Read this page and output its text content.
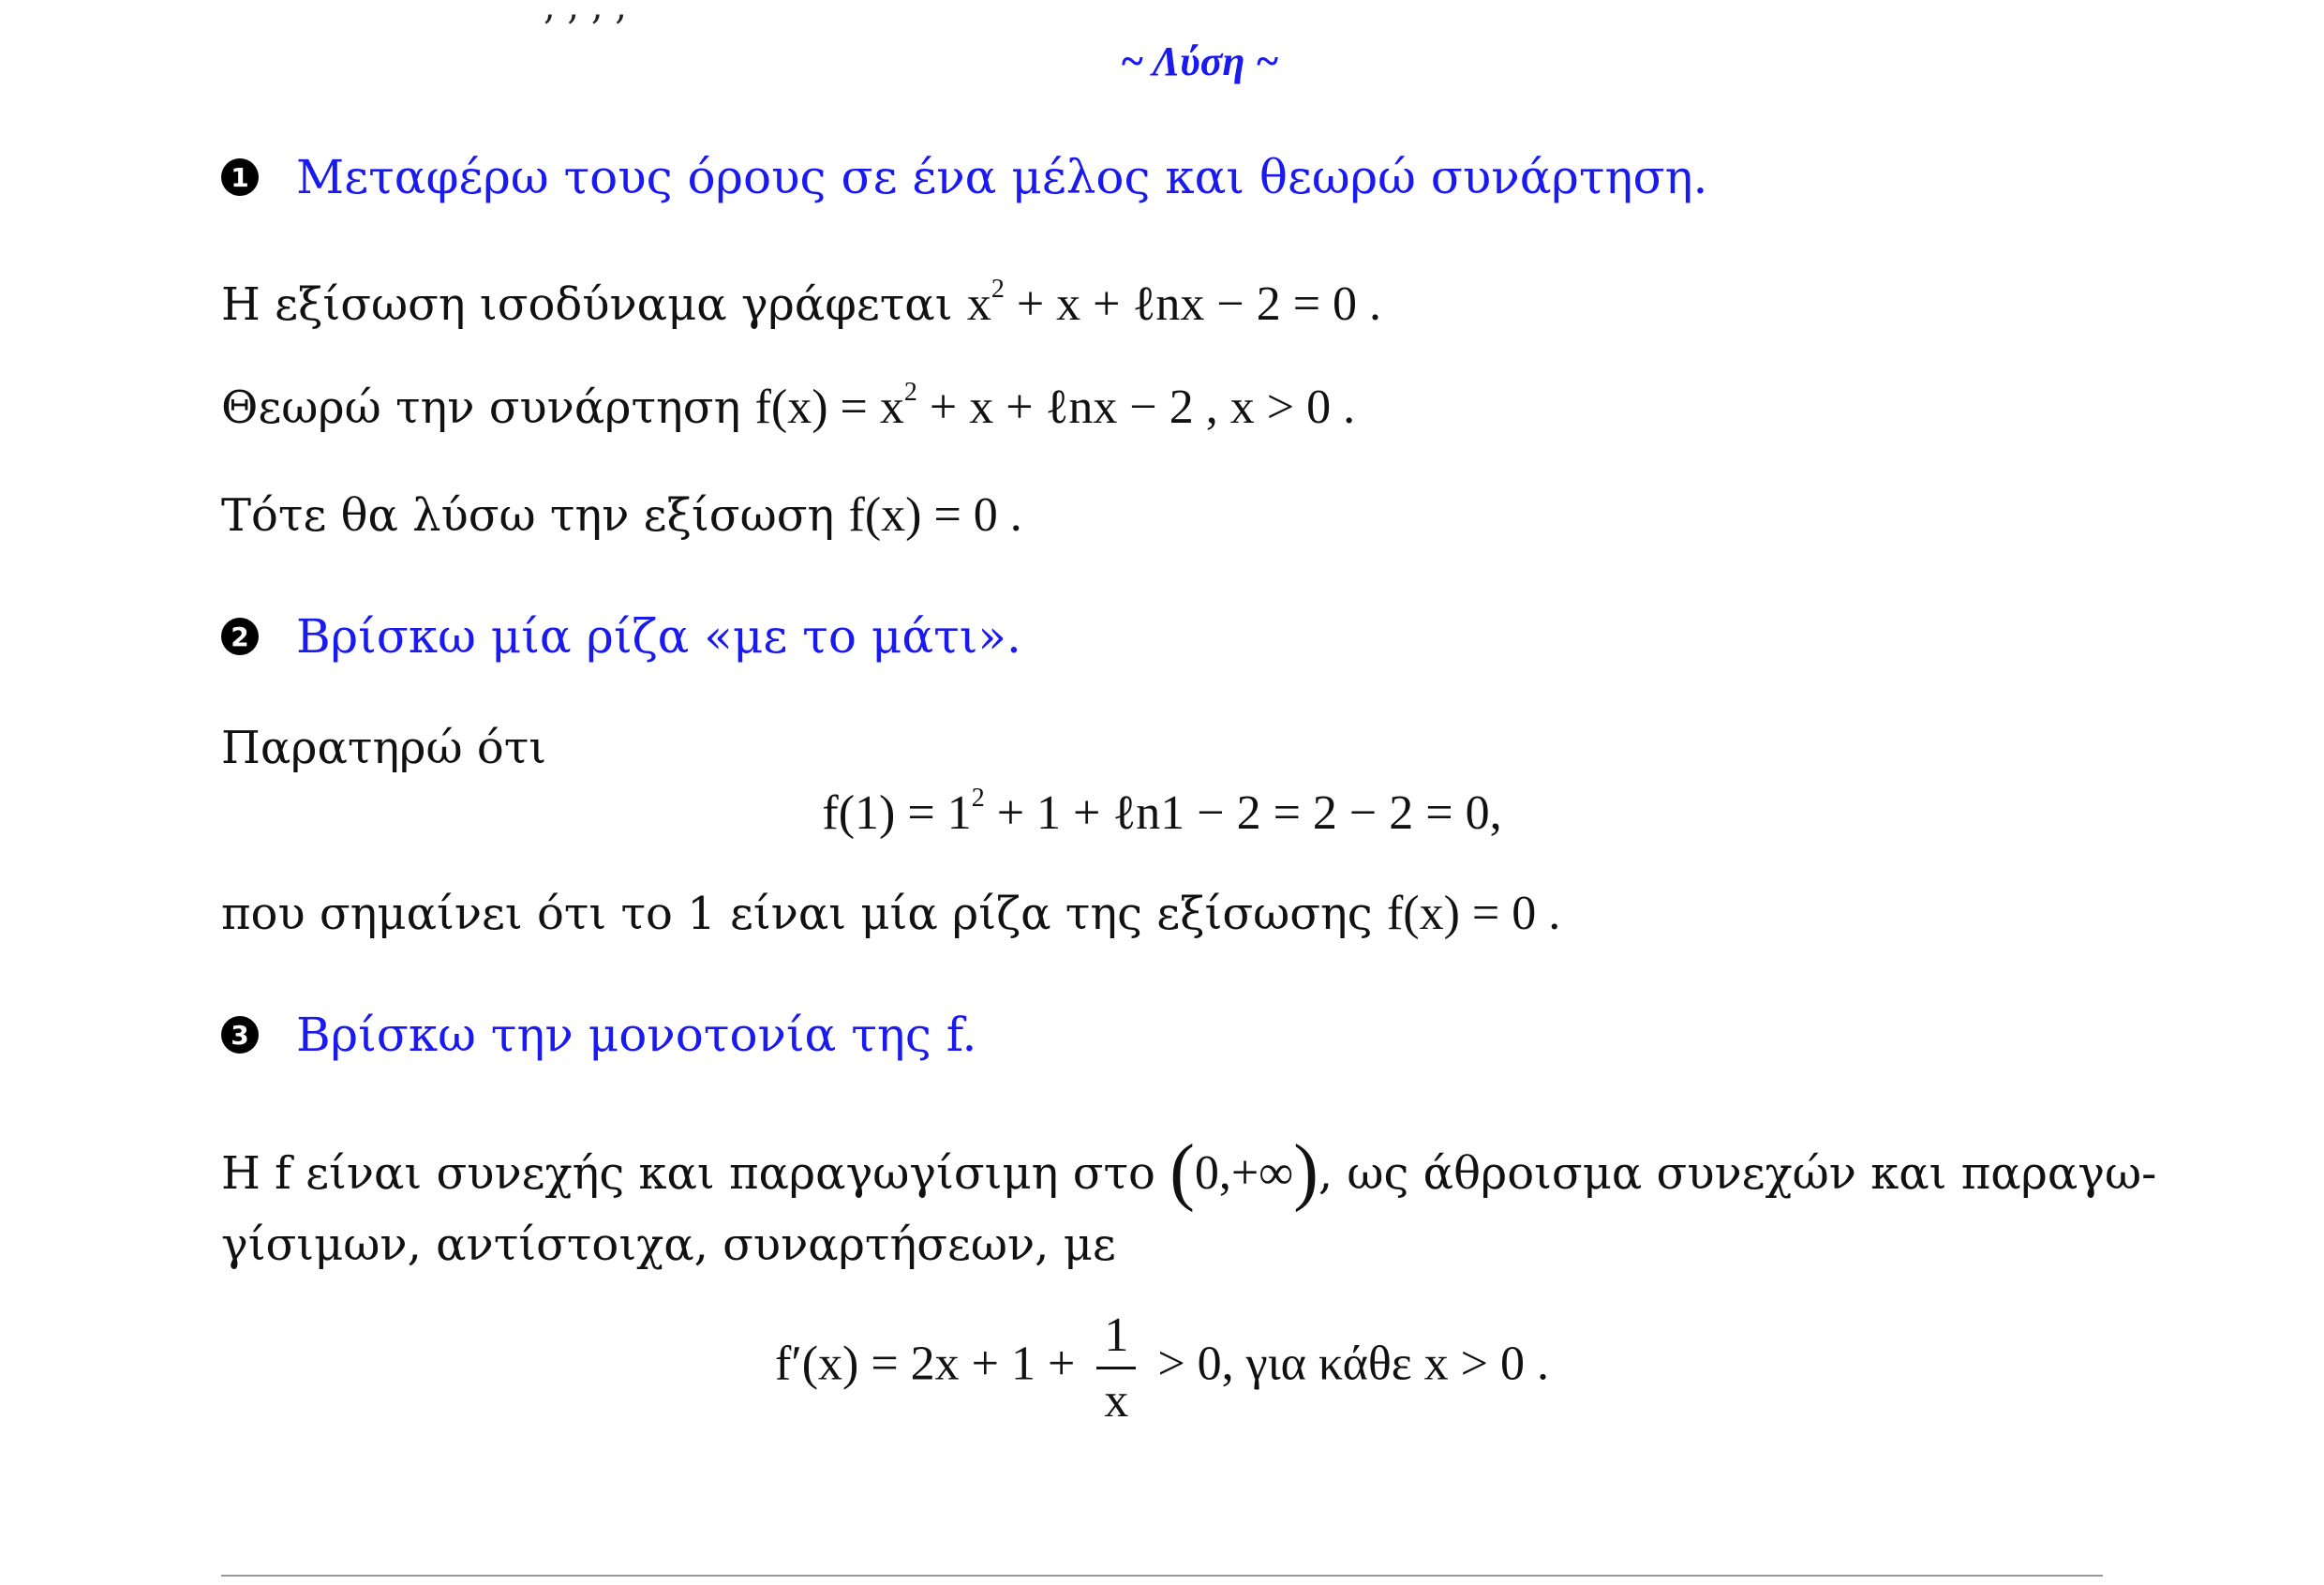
, , , ,
~ Λύση ~
1 Μεταφέρω τους όρους σε ένα μέλος και θεωρώ συνάρτηση.
Η εξίσωση ισοδύναμα γράφεται $x^2 + x$ + ℓnx − 2 = 0 .
Θεωρώ την συνάρτηση $f(x) = x^2 + x$ + ℓnx − 2 , x > 0 .
Τότε θα λύσω την εξίσωση f(x) = 0 .
2 Βρίσκω μία ρίζα «με το μάτι».
Παρατηρώ ότι
$f(1) = 1^2 + 1$ + ℓn1 − 2 = 2 − 2 = 0,
που σημαίνει ότι το 1 είναι μία ρίζα της εξίσωσης f(x) = 0 .
3 Βρίσκω την μονοτονία της f.
Η f είναι συνεχής και παραγωγίσιμη στο (0,+∞), ως άθροισμα συνεχών και παραγω-
γίσιμων, αντίστοιχα, συναρτήσεων, με
$f'(x) = 2x + 1 + \frac{1}{x} > 0$, για κάθε x > 0 .
